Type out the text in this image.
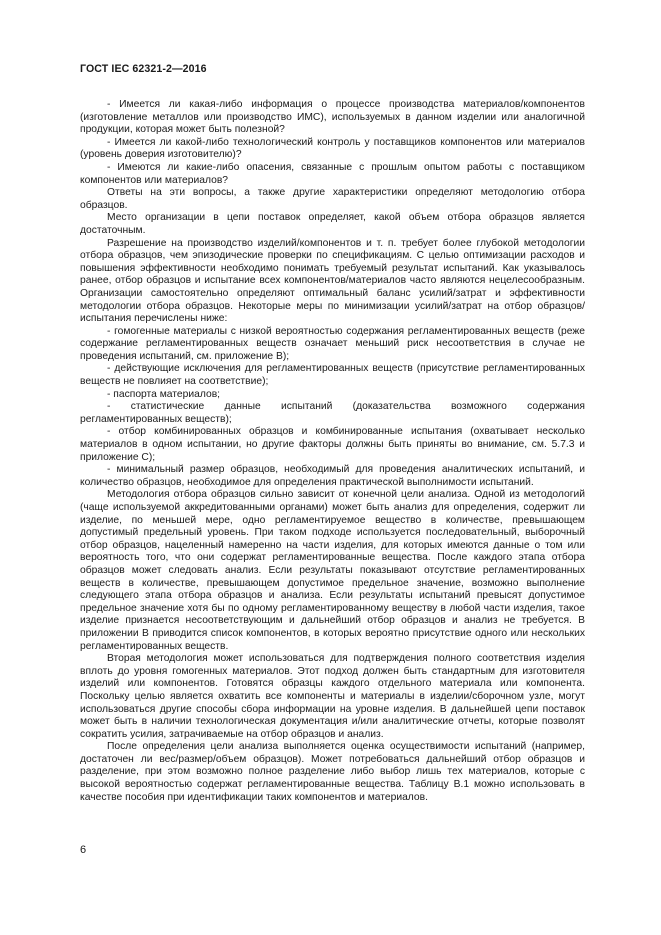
ГОСТ IEC 62321-2—2016

- Имеется ли какая-либо информация о процессе производства материалов/компонентов (изготовление металлов или производство ИМС), используемых в данном изделии или аналогичной продукции, которая может быть полезной?

- Имеется ли какой-либо технологический контроль у поставщиков компонентов или материалов (уровень доверия изготовителю)?

- Имеются ли какие-либо опасения, связанные с прошлым опытом работы с поставщиком компонентов или материалов?

Ответы на эти вопросы, а также другие характеристики определяют методологию отбора образцов.

Место организации в цепи поставок определяет, какой объем отбора образцов является достаточным.

Разрешение на производство изделий/компонентов и т. п. требует более глубокой методологии отбора образцов, чем эпизодические проверки по спецификациям. С целью оптимизации расходов и повышения эффективности необходимо понимать требуемый результат испытаний. Как указывалось ранее, отбор образцов и испытание всех компонентов/материалов часто являются нецелесообразным. Организации самостоятельно определяют оптимальный баланс усилий/затрат и эффективности методологии отбора образцов. Некоторые меры по минимизации усилий/затрат на отбор образцов/испытания перечислены ниже:

- гомогенные материалы с низкой вероятностью содержания регламентированных веществ (реже содержание регламентированных веществ означает меньший риск несоответствия в случае не проведения испытаний, см. приложение В);

- действующие исключения для регламентированных веществ (присутствие регламентированных веществ не повлияет на соответствие);

- паспорта материалов;

- статистические данные испытаний (доказательства возможного содержания регламентированных веществ);

- отбор комбинированных образцов и комбинированные испытания (охватывает несколько материалов в одном испытании, но другие факторы должны быть приняты во внимание, см. 5.7.3 и приложение С);

- минимальный размер образцов, необходимый для проведения аналитических испытаний, и количество образцов, необходимое для определения практической выполнимости испытаний.

Методология отбора образцов сильно зависит от конечной цели анализа. Одной из методологий (чаще используемой аккредитованными органами) может быть анализ для определения, содержит ли изделие, по меньшей мере, одно регламентируемое вещество в количестве, превышающем допустимый предельный уровень. При таком подходе используется последовательный, выборочный отбор образцов, нацеленный намеренно на части изделия, для которых имеются данные о том или вероятность того, что они содержат регламентированные вещества. После каждого этапа отбора образцов может следовать анализ. Если результаты показывают отсутствие регламентированных веществ в количестве, превышающем допустимое предельное значение, возможно выполнение следующего этапа отбора образцов и анализа. Если результаты испытаний превысят допустимое предельное значение хотя бы по одному регламентированному веществу в любой части изделия, такое изделие признается несоответствующим и дальнейший отбор образцов и анализ не требуется. В приложении В приводится список компонентов, в которых вероятно присутствие одного или нескольких регламентированных веществ.

Вторая методология может использоваться для подтверждения полного соответствия изделия вплоть до уровня гомогенных материалов. Этот подход должен быть стандартным для изготовителя изделий или компонентов. Готовятся образцы каждого отдельного материала или компонента. Поскольку целью является охватить все компоненты и материалы в изделии/сборочном узле, могут использоваться другие способы сбора информации на уровне изделия. В дальнейшей цепи поставок может быть в наличии технологическая документация и/или аналитические отчеты, которые позволят сократить усилия, затрачиваемые на отбор образцов и анализ.

После определения цели анализа выполняется оценка осуществимости испытаний (например, достаточен ли вес/размер/объем образцов). Может потребоваться дальнейший отбор образцов и разделение, при этом возможно полное разделение либо выбор лишь тех материалов, которые с высокой вероятностью содержат регламентированные вещества. Таблицу В.1 можно использовать в качестве пособия при идентификации таких компонентов и материалов.

6
